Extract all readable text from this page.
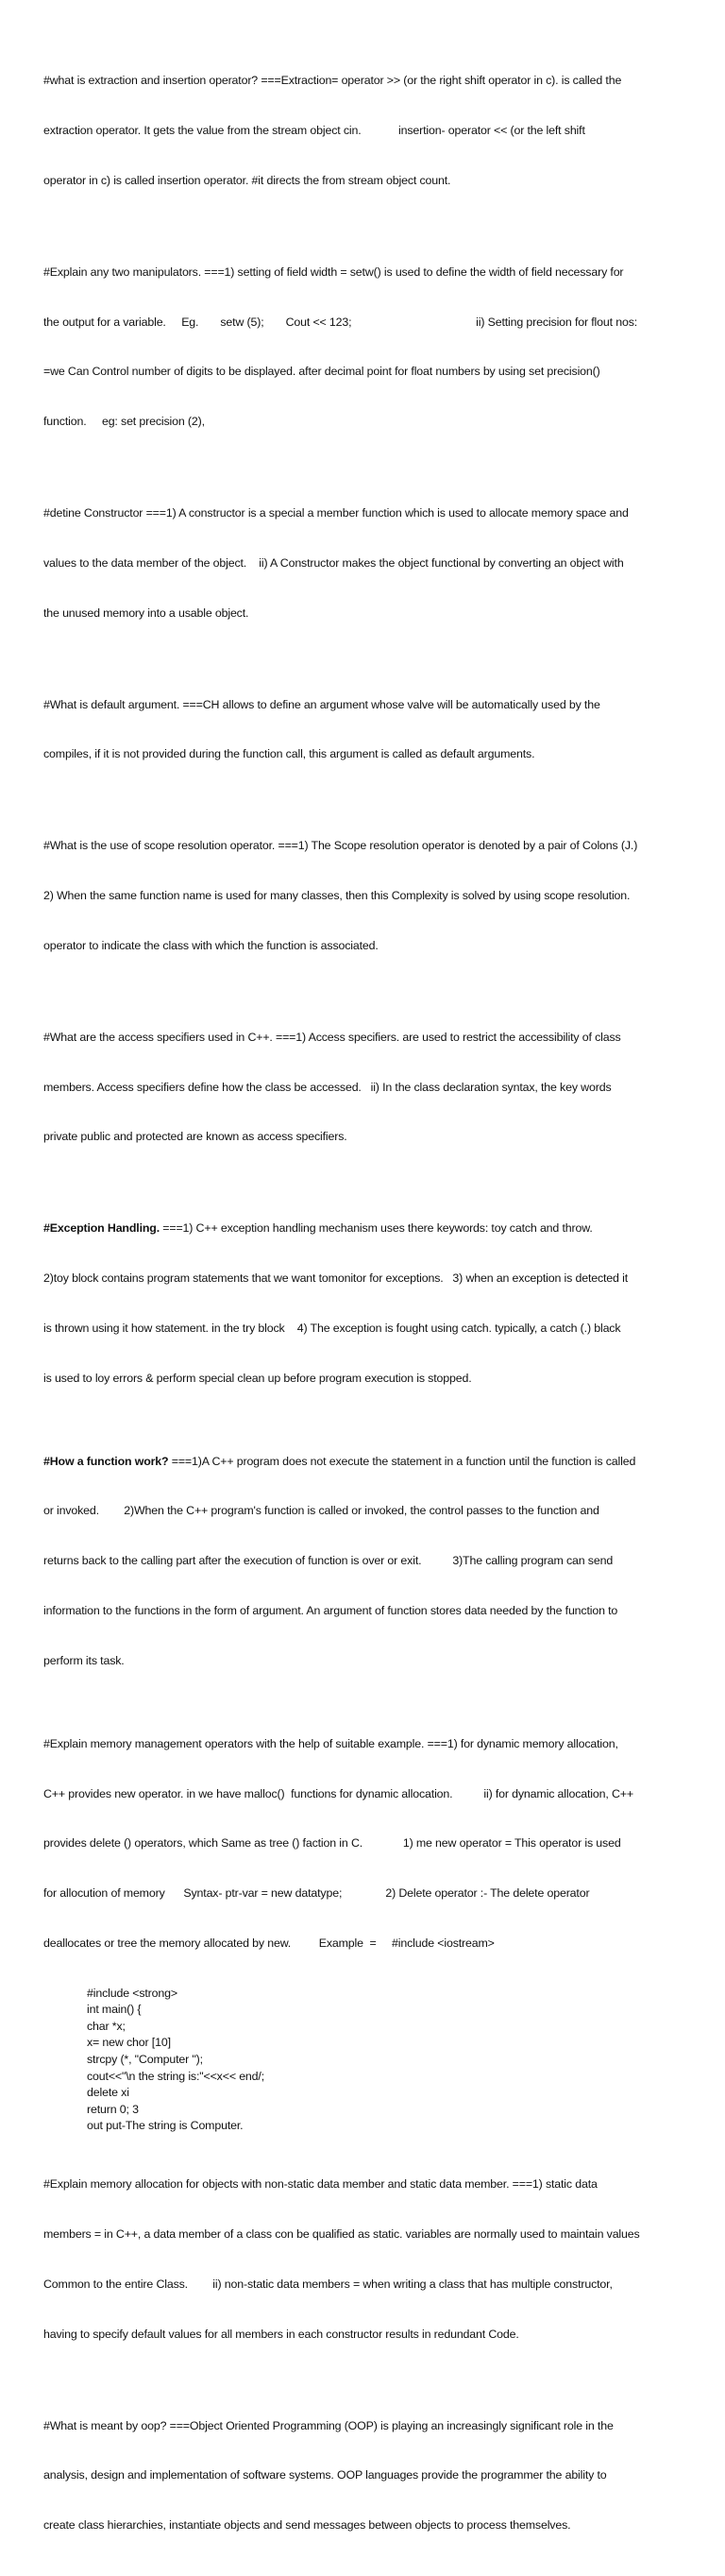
#what is extraction and insertion operator? ===Extraction= operator >> (or the right shift operator in c). is called the

extraction operator. It gets the value from the stream object cin.            insertion- operator << (or the left shift

operator in c) is called insertion operator. #it directs the from stream object count.

#Explain any two manipulators. ===1) setting of field width = setw() is used to define the width of field necessary for

the output for a variable.     Eg.       setw (5);       Cout << 123;                                        ii) Setting precision for flout nos:

=we Can Control number of digits to be displayed. after decimal point for float numbers by using set precision()

function.     eg: set precision (2),

#detine Constructor ===1) A constructor is a special a member function which is used to allocate memory space and

values to the data member of the object.    ii) A Constructor makes the object functional by converting an object with

the unused memory into a usable object.

#What is default argument. ===CH allows to define an argument whose valve will be automatically used by the

compiles, if it is not provided during the function call, this argument is called as default arguments.

#What is the use of scope resolution operator. ===1) The Scope resolution operator is denoted by a pair of Colons (J.)

2) When the same function name is used for many classes, then this Complexity is solved by using scope resolution.

operator to indicate the class with which the function is associated.

#What are the access specifiers used in C++. ===1) Access specifiers. are used to restrict the accessibility of class

members. Access specifiers define how the class be accessed.   ii) In the class declaration syntax, the key words

private public and protected are known as access specifiers.

#Exception Handling. ===1) C++ exception handling mechanism uses there keywords: toy catch and throw.

2)toy block contains program statements that we want tomonitor for exceptions.   3) when an exception is detected it

is thrown using it how statement. in the try block    4) The exception is fought using catch. typically, a catch (.) black

is used to loy errors & perform special clean up before program execution is stopped.

#How a function work? ===1)A C++ program does not execute the statement in a function until the function is called

or invoked.        2)When the C++ program's function is called or invoked, the control passes to the function and

returns back to the calling part after the execution of function is over or exit.          3)The calling program can send

information to the functions in the form of argument. An argument of function stores data needed by the function to

perform its task.

#Explain memory management operators with the help of suitable example. ===1) for dynamic memory allocation,

C++ provides new operator. in we have malloc()  functions for dynamic allocation.          ii) for dynamic allocation, C++

provides delete () operators, which Same as tree () faction in C.             1) me new operator = This operator is used

for allocution of memory      Syntax- ptr-var = new datatype;              2) Delete operator :- The delete operator

deallocates or tree the memory allocated by new.         Example  =     #include <iostream>

#include <strong>
int main() {
char *x;
x= new chor [10]
strcpy (*, "Computer ");
cout<<"\n the string is:"<<x<< end/;
delete xi
return 0; 3
out put-The string is Computer.

#Explain memory allocation for objects with non-static data member and static data member. ===1) static data

members = in C++, a data member of a class con be qualified as static. variables are normally used to maintain values

Common to the entire Class.        ii) non-static data members = when writing a class that has multiple constructor,

having to specify default values for all members in each constructor results in redundant Code.

#What is meant by oop? ===Object Oriented Programming (OOP) is playing an increasingly significant role in the

analysis, design and implementation of software systems. OOP languages provide the programmer the ability to

create class hierarchies, instantiate objects and send messages between objects to process themselves.
